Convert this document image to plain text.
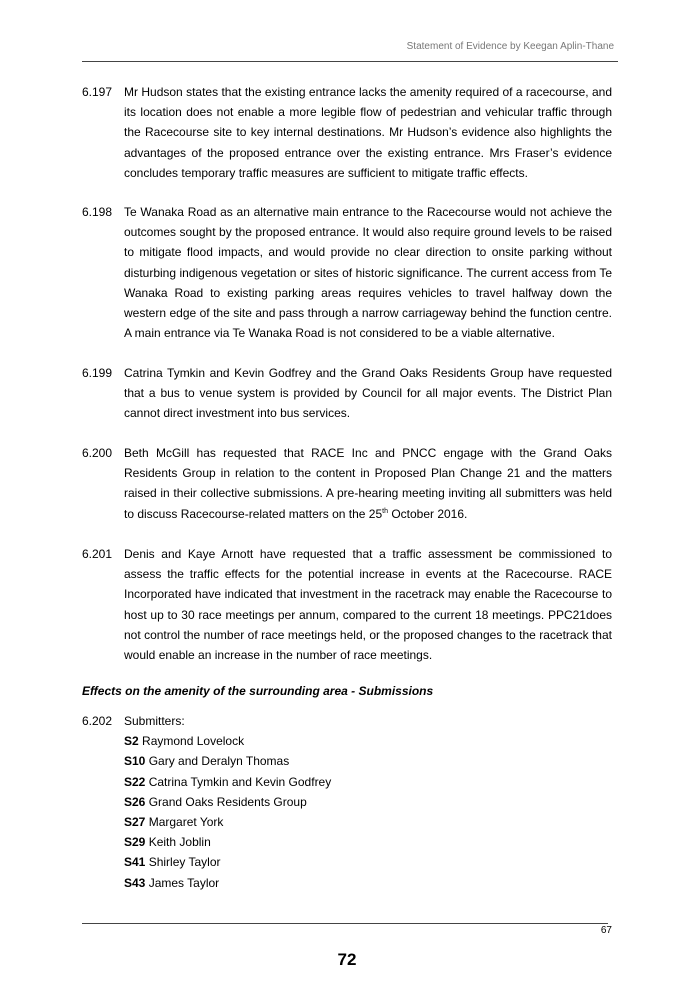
Statement of Evidence by Keegan Aplin-Thane
6.197 Mr Hudson states that the existing entrance lacks the amenity required of a racecourse, and its location does not enable a more legible flow of pedestrian and vehicular traffic through the Racecourse site to key internal destinations. Mr Hudson’s evidence also highlights the advantages of the proposed entrance over the existing entrance. Mrs Fraser’s evidence concludes temporary traffic measures are sufficient to mitigate traffic effects.

6.198 Te Wanaka Road as an alternative main entrance to the Racecourse would not achieve the outcomes sought by the proposed entrance. It would also require ground levels to be raised to mitigate flood impacts, and would provide no clear direction to onsite parking without disturbing indigenous vegetation or sites of historic significance. The current access from Te Wanaka Road to existing parking areas requires vehicles to travel halfway down the western edge of the site and pass through a narrow carriageway behind the function centre. A main entrance via Te Wanaka Road is not considered to be a viable alternative.

6.199 Catrina Tymkin and Kevin Godfrey and the Grand Oaks Residents Group have requested that a bus to venue system is provided by Council for all major events. The District Plan cannot direct investment into bus services.

6.200 Beth McGill has requested that RACE Inc and PNCC engage with the Grand Oaks Residents Group in relation to the content in Proposed Plan Change 21 and the matters raised in their collective submissions. A pre-hearing meeting inviting all submitters was held to discuss Racecourse-related matters on the 25th October 2016.

6.201 Denis and Kaye Arnott have requested that a traffic assessment be commissioned to assess the traffic effects for the potential increase in events at the Racecourse. RACE Incorporated have indicated that investment in the racetrack may enable the Racecourse to host up to 30 race meetings per annum, compared to the current 18 meetings. PPC21does not control the number of race meetings held, or the proposed changes to the racetrack that would enable an increase in the number of race meetings.

Effects on the amenity of the surrounding area - Submissions
6.202 Submitters:
S2 Raymond Lovelock
S10 Gary and Deralyn Thomas
S22 Catrina Tymkin and Kevin Godfrey
S26 Grand Oaks Residents Group
S27 Margaret York
S29 Keith Joblin
S41 Shirley Taylor
S43 James Taylor
67
72
